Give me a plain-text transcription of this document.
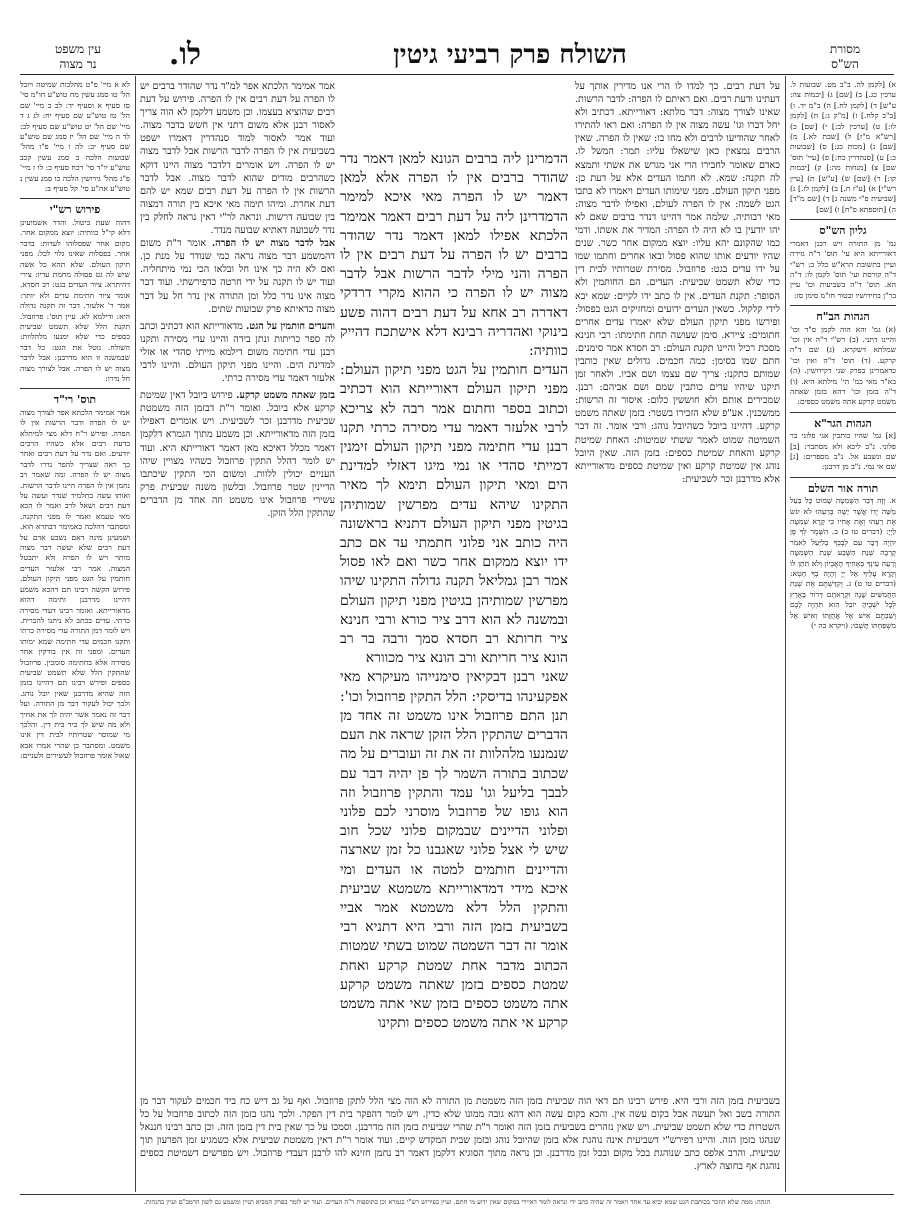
עין משפט
נר מצוה	לו.	השולח פרק רביעי גיטין	מסורת
הש"ס
לא א מיי' פ"ט מהלכות שמיטה ויובל הל' טו סמג עשין מח טוש"ע חו"מ סי' סז סעיף א וסעיף יד: לב ב מיי' שם הל' טז טוש"ע שם סעיף יח: לג ג ד מיי' שם הל' יט טוש"ע שם סעיף לב: לד ה מיי' שם הל' יז סמג שם טוש"ע שם סעיף יב: לה ו מיי' פ"ו מהל' שבועות הלכה ב סמג עשין קכב טוש"ע יו"ד סי' רכח סעיף כ: לו ז מיי' פ"ג מהל' גירושין הלכה כו סמג עשין נ טוש"ע אה"ע סי' קל סעיף ב:
פירוש רש"י
דהוה שעת ביטול. והדר אשמועינן דלא קי"ל כוותיה: יוצא ממקום אחר. מקום אחר שפסלוהו לעדות: בדבר אחר. בפסלות שאינו גלוי לכל: מפני תיקון העולם. שלא תהא כל אשה שיש לה גט פסולה מחמת עדיו: צירי דהיתרא. ציור העדים בגט: רב חסדא. אומר ציור חתימת עדים ולא יותר: אמר ר' אלעזר. דבר זה תקנה גדולה היא: ודילמא לא. עיין תוס': פרוזבול. תקנת הלל שלא תשמט שביעית כספים כדי שלא ימנעו מלהלוות: השולח. נוטל את הגט: כל דבר שבמשנה זו הוא מדרבנן: אבל לדבר מצוה יש לו הפרה. אבל לצורך מצוה חל נדרו:
תוס' רי"ד
אמר אמימר הלכתא אפר לצורך מצוה יש לו הפרה ודבר הרשות אין לו הפרה. ופירש ר"ח דלא מצי למיתלא בדעת רבים אלא כשהיו הרבים יודעים. ואם נדר על דעת רבים ואחר כך ראה שצריך להפר נדרו לדבר מצוה יש לו הפרה. ומה שאמר רב נחמן אין לו הפרה היינו לדבר הרשות. ואותו עשה בתלמיד שנדר ועשה על דעת רבים ושאל לרב ואמר לו הכא מאי טעמא ואמר לו מפני התקנה. ומסתבר דהלכה כאמימר דבתרא הוא. ושמעינן מינה דאם נשבע אדם על דעת רבים שלא יעשה דבר מצוה מותר ויש לו הפרה ולא יתבטל המצוה. אמר רבי אלעזר העדים חותמין על הגט מפני תיקון העולם. פירוש הקשה רבינו תם דהכא משמע דהיינו מדרבנן ותימה דהוא מדאורייתא. ואומר רבינו דעדי מסירה כרתי. עדים בכתב לא ניתנו להכרית. ויש לומר דמן התורה עדי מסירה כרתי ותקנו חכמים עדי חתימה שמא ימותו העדים. ומפני זה אין בודקין אחר מסירה אלא בחתימה סומכין. פרוזבול שהתקין הלל שלא תשמט שביעית כספים ופירש רבינו תם דהיינו בזמן הזה שהיא מדרבנן שאין יובל נוהג. ולכך יכול לעקור דבר מן התורה. ועל דבר זה נאמר אשר יהיה לך את אחיך ולא מה שיש לך ביד בית דין. והלכך מי שמוסר שטרותיו לבית דין אינו משמט. ומסתבר כן שהרי אמרו אבא שאול אומר פרוזבול לעשירים ולעניים:
א) [לקמן לה. ב"ב מט. שבועות ל. ערכין כג.] ב) [שם] ג) [יבמות צה: ע"ש] ד) [לקמן לח.] ה) ב"מ יד. ו) [ב"ב קלח.] ז) [מ"ק ג:] ח) [לקמן לו:] ט) [ערכין לב:] י) [שם] כ) [רש"א מ"ז] ל) [שבת לא.] מ) [שם] נ) [מכות כג:] ס) [שבועות כ:] ע) [סנהדרין כח:] פ) [עיי' תוס' שם] צ) [מנחות מה:] ק) [יבמות קו:] ר) [שם] ש) [ע"ש] ת) [עיין רש"י] א) [ע"ז ח.] ב) [לקמן לז.] ג) [שביעית פ"י משנה ג] ד) [שם מ"ד] ה) [תוספתא פ"ח] ו) [שם]
גליון הש"ס
גמ' מן התורה ויש רבנן דאמרי דאורייתא היא עי' תוס' ד"ה גזירה ועיין בתשובת הרא"ש כלל ב: רש"י ד"ה קורסת ועי' תוס' לקמן לו: ד"ה הא. תוס' ד"ה בשביעית וכו' עיין בר"ן בחידושיו ובטור חו"מ סימן סז:
הגהות הב"ח
(א) גמ' והא הוה לקמן ס"ד וכו' והיינו דתני. (ב) רש"י ד"ה אין וכו' שמלתא דשקרא. (ג) שם ד"ה קרקע. (ד) תוס' ד"ה ואין וכו' כדאמרינן בפרק שני דקידושין. (ה) בא"ד מאי כמ' הי' מילתא היא. (ו) ד"ה בזמן וכו' דהא בזמן שאתה משמט קרקע אתה משמט כספים:
הגהות הגר"א
[א] גמ' שהיו כותבין אני פלוני בר פלוני. נ"ב ליכא ולא מסתבר: [ב] שם ונשבע אל. נ"ב מספרים: [ג] שם אי נמי. נ"ב מן דרבנן:
תורה אור השלם
א. וְזֶה דְּבַר הַשְּׁמִטָּה שָׁמוֹט כָּל בַּעַל מַשֵּׁה יָדוֹ אֲשֶׁר יַשֶּׁה בְּרֵעֵהוּ לֹא יִגֹּשׂ אֶת רֵעֵהוּ וְאֶת אָחִיו כִּי קָרָא שְׁמִטָּה לַיְיָ: (דברים טו ב) ב. הִשָּׁמֶר לְךָ פֶּן יִהְיֶה דָבָר עִם לְבָבְךָ בְלִיַּעַל לֵאמֹר קָרְבָה שְׁנַת הַשֶּׁבַע שְׁנַת הַשְּׁמִטָּה וְרָעָה עֵינְךָ בְּאָחִיךָ הָאֶבְיוֹן וְלֹא תִתֵּן לוֹ וְקָרָא עָלֶיךָ אֶל יְיָ וְהָיָה בְךָ חֵטְא: (דברים טו ט) ג. וְקִדַּשְׁתֶּם אֵת שְׁנַת הַחֲמִשִּׁים שָׁנָה וּקְרָאתֶם דְּרוֹר בָּאָרֶץ לְכָל יֹשְׁבֶיהָ יוֹבֵל הִוא תִּהְיֶה לָכֶם וְשַׁבְתֶּם אִישׁ אֶל אֲחֻזָּתוֹ וְאִישׁ אֶל מִשְׁפַּחְתּוֹ תָּשֻׁבוּ: (ויקרא כה י)
על דעת רבים. כך למדו לו הרי אנו מדירין אותך על דעתינו ודעת רבים. ואם ראיתם לו הפרה: לדבר הרשות. שאינו לצורך מצוה: דבר מלתא: דאורייתא. דכתיב ולא יחל דברו וגו' עשה מצוה אין לו הפרה: ואם ראו להתירו לאחר שהודיעו לרבים ולא מחו בו: שאין לו הפרה. שאין הרבים נמצאין כאן שישאלו עליו: תמר: המשל לו. כאדם שאומר לחבירו הרי אני מגרש את אשתי ותמצא לה תקנה: שמא. לא חתמו העדים אלא על דעת כן: מפני תיקון העולם. מפני שימותו העדים ויאמרו לא כתבו הגט לשמה: אין לו הפרה לעולם. ואפילו לדבר מצוה: מאי רבותיה. שלמה אמר דהיינו דנדר ברבים שאם לא יהו יודעין בו לא היה לו הפרה: המדיר את אשתו. ודמי כמו שהקונם יהא עליו: יוצא ממקום אחר כשר. שנים שהיו יודעים אותו שהוא פסול ובאו אחרים וחתמו שמו על ידו עדים בגט: פרוזבול. מסירת שטרותיו לבית דין כדי שלא תשמט שביעית: העדים. הם החותמין ולא הסופר: תקנת העדים. אין לו כתב ידו לקיים: שמא יבא לידי קלקול. כשאין העדים ידועים ומחזיקים הגט בפסול: ופירשו מפני תיקון העולם שלא יאמרו עדים אחרים חתומים: ציירא. סימן שעושה תחת חתימתו: רבי חנינא מסכת רכיל והיינו תקנת העולם: רב חסדא אמר סימנים. חתם שמו בסימן: כמה חכמים. גדולים שאין כותבין שמותם כתקנו: צריך שם עצמו ושם אביו. ולאחר זמן תיקנו שיהיו עדים כותבין שמם ושם אביהם: רבנן. שמכירים אותם ולא חוששין כלום: איסור זה הרשות: ממשכנין. אע"פ שלא הזכירו בשטר: בזמן שאתה משמט קרקע. דהיינו ביובל כשהיובל נוהג: ורבי אומר. זה דבר השמיטה שמוט לאמר ששתי שמיטות: האחת שמיטת קרקע והאחת שמיטת כספים: בזמן הזה. שאין היובל נוהג אין שמיטת קרקע ואין שמיטת כספים מדאורייתא אלא מדרבנן זכר לשביעית:
הדמרינן ליה ברבים הגונא למאן דאמר נדר שהודר ברבים אין לו הפרה אלא למאן דאמר יש לו הפרה מאי איכא למימר הדמדרינן ליה על דעת רבים דאמר אמימר הלכתא אפילו למאן דאמר נדר שהודר ברבים יש לו הפרה על דעת רבים אין לו הפרה והני מילי לדבר הרשות אבל לדבר מצוה יש לו הפרה כי ההוא מקרי דרדקי דאדרה רב אחא על דעת רבים דהוה פשע בינוקי ואהדריה רבינא דלא אישתכח דהייק כוותיה:
העדים חותמין על הגט מפני תיקון העולם: מפני תיקון העולם דאורייתא הוא דכתיב וכתוב בספר וחתום אמר רבה לא צריכא לרבי אלעזר דאמר עדי מסירה כרתי תקנו רבנן עדי חתימה מפני תיקון העולם זימנין דמייתי סהדי או נמי מיגו דאזלי למדינת הים ומאי תיקון העולם תימא לך מאיר התקינו שיהא עדים מפרשין שמותיהן בגיטין מפני תיקון העולם דתניא בראשונה היה כותב אני פלוני חתמתי עד אם כתב ידו יוצא ממקום אחר כשר ואם לאו פסול אמר רבן גמליאל תקנה גדולה התקינו שיהו מפרשין שמותיהן בגיטין מפני תיקון העולם ובמשנה לא הוא דרב ציר כורא ורבי חנינא ציר חרותא רב חסדא סמך ורבה בר רב הונא ציר חריתא ורב הונא ציר מכוורא
שאני רבנן דבקיאין סימנייהו מעיקרא מאי אפקעינהו בדיסקי: הלל התקין פרוזבול וכו': תנן התם פרוזבול אינו משמט זה אחד מן הדברים שהתקין הלל הזקן שראה את העם שנמנעו מלהלוות זה את זה ועוברים על מה שכתוב בתורה השמר לך פן יהיה דבר עם לבבך בליעל וגו' עמד והתקין פרוזבול וזה הוא גופו של פרוזבול מוסרני לכם פלוני ופלוני הדיינים שבמקום פלוני שכל חוב שיש לי אצל פלוני שאגבנו כל זמן שארצה והדיינים חותמים למטה או העדים ומי איכא מידי דמדאורייתא משמטא שביעית והתקין הלל דלא משמטא אמר אביי בשביעית בזמן הזה ורבי היא דתניא רבי אומר זה דבר השמטה שמוט בשתי שמטות הכתוב מדבר אחת שמטת קרקע ואחת שמטת כספים בזמן שאתה משמט קרקע אתה משמט כספים בזמן שאי אתה משמט קרקע אי אתה משמט כספים ותקינו
אמר אמימר הלכתא אפר למ"ד נדר שהודר ברבים יש לו הפרה על דעת רבים אין לו הפרה. פירוש על דעת רבים שהוציא בעצמו. וכן משמע דלקמן לא הוה צריך לאסור רבנן אלא משום דתני אין חשש בדבר מצוה. ועוד אמר לאסור למוד סנהדרין דאמרו ישפט בשביעית אין לו הפרה לדבר הרשות אבל לדבר מצוה יש לו הפרה. ויש אומרים דלדבר מצוה היינו דוקא כשהרבים מודים שהוא לדבר מצוה. אבל לדבר הרשות אין לו הפרה על דעת רבים שמא יש להם דעת אחרת. ומיהו תימה מאי איכא בין תורה דמצוה בין שבועה דרשות. ונראה לר"י דאין נראה לחלק בין נדר לשבועה דאתיא שבועה מנדר.
אבל לדבר מצוה יש לו הפרה. אומר ר"ת משום דהמשמע דבר מצוה נראה כמי שנודר על מנת כן. ואם לא היה כך אינו חל ובלאו הכי נמי מיתחליה. ועוד יש לו תקנה על ידי חרטה כדפירשתי. ועוד דבר מצוה אינו נדר כלל ומן התורה אין נדר חל על דבר מצוה כדאיתא פרק שבועות שתים.
והעדים חותמין על הגט. מדאורייתא הוא דכתיב וכתב לה ספר כריתות ונתן בידה והיינו עדי מסירה ותקנו רבנן עדי חתימה משום דילמא מייתי סהדי או אזלי למדינת הים. והיינו מפני תיקון העולם. והיינו לרבי אלעזר דאמר עדי מסירה כרתי.
בזמן שאתה משמט קרקע. פירוש ביובל דאין שמיטת קרקע אלא ביובל. ואומר ר"ת דבזמן הזה משמטת שביעית מדרבנן זכר לשביעית. ויש אומרים דאפילו בזמן הזה מדאורייתא. וכן משמע מתוך הגמרא דלקמן דאמר מכלל דאיכא מאן דאמר דאורייתא היא. ועוד יש לומר דהלל התקין פרוזבול כשהיו מצויין שיהו העניים יכולין ללוות. ומשום הכי התקין שיכתבו הדיינין שטר פרוזבול. ובלשון משנה שביעית פרק עשירי פרוזבול אינו משמט וזה אחד מן הדברים שהתקין הלל הזקן.
בשביעית בזמן הזה ורבי היא. פירש רבינו תם דאי הוה שביעית בזמן הזה משמטת מן התורה לא הוה מצי הלל לתקן פרוזבול. ואף על גב דיש כח ביד חכמים לעקור דבר מן התורה בשב ואל תעשה אבל בקום עשה אין. והכא בקום עשה הוא דהא גובה ממונו שלא כדין. ויש לומר דהפקר בית דין הפקר. ולכך נהגו בזמן הזה לכתוב פרוזבול על כל השטרות כדי שלא תשמט שביעית. ויש שאין נזהרים בשביעית בזמן הזה ואומר ר"ת שהרי שביעית בזמן הזה מדרבנן. וסמכו על כך שאין בית דין בזמן הזה. וכן כתב רבינו חננאל שנהגו בזמן הזה. והיינו דפירש"י דשביעית אינה נוהגת אלא בזמן שהיובל נוהג ובזמן שבית המקדש קיים. ועוד אומר ר"ת דאין משמטת שביעית אלא כשמגיע זמן הפרעון תוך שביעית. והרב אלפס כתב שנוהגת בכל מקום ובכל זמן מדרבנן. וכן נראה מתוך הסוגיא דלקמן דאמר רב נחמן חזינא להו לרבנן דעבדי פרוזבול. ויש מפרשים דשמיטת כספים נוהגת אף בחוצה לארץ.
הגהה: ממה שלא הוזכר בכותבת הגט שמא יביא עד אחד ויאמר זה שהיה כתב ידי ונראה לומר דאיירי במקום שאין ידוע מי חתם. ועיין בפירוש רש"י בגמרא וכן בתוספות ד"ה העדים. ועוד יש לומר בפרק המביא תניין ומשמע גם לשון הרמב"ם ועיין בהגהות.
